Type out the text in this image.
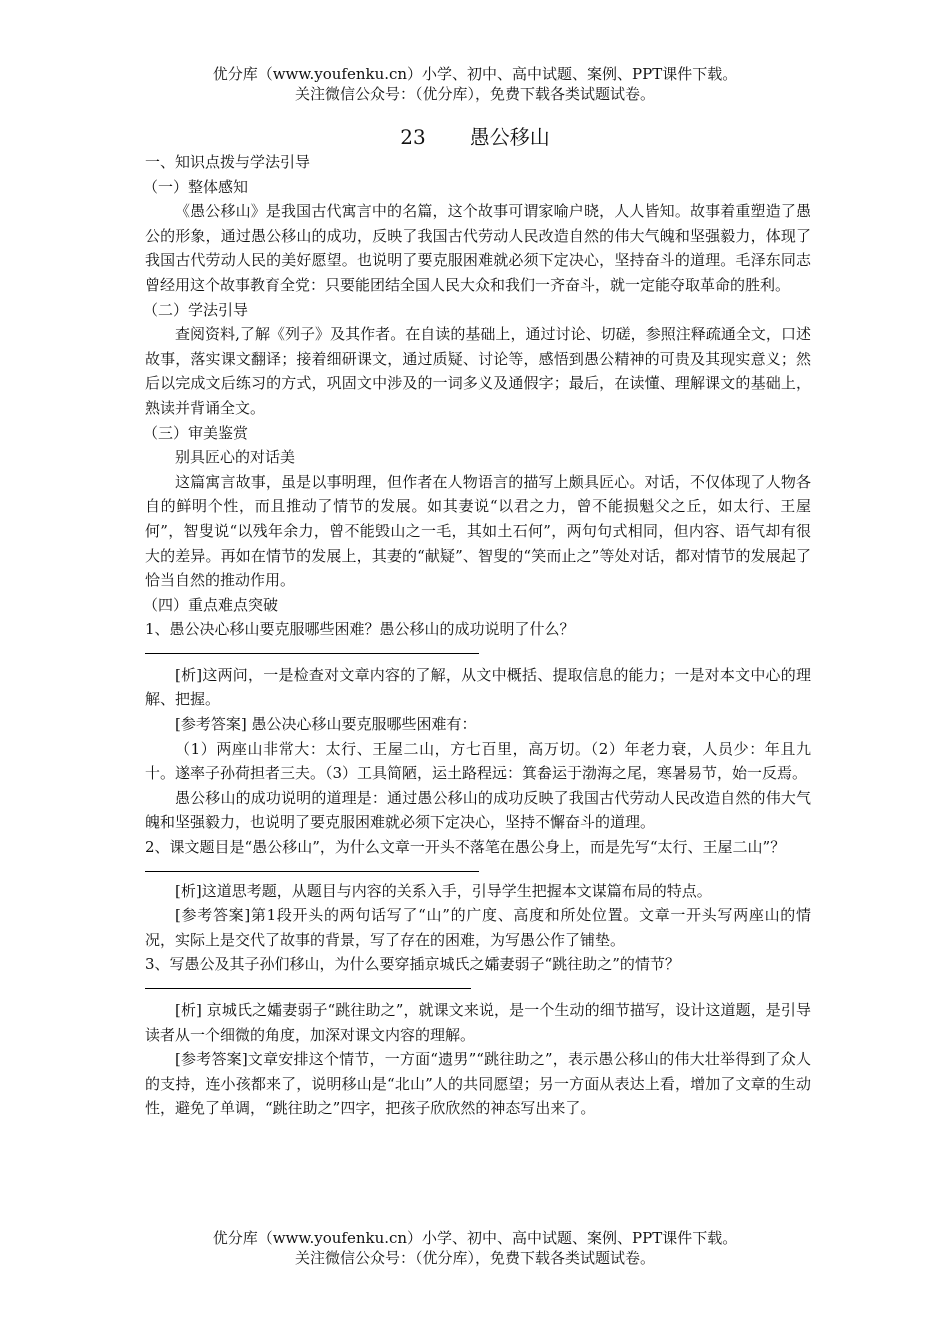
优分库（www.youfenku.cn）小学、初中、高中试题、案例、PPT课件下载。
关注微信公众号：（优分库），免费下载各类试题试卷。
23 愚公移山

一、知识点拨与学法引导

（一）整体感知

《愚公移山》是我国古代寓言中的名篇，这个故事可谓家喻户晓，人人皆知。故事着重塑造了愚公的形象，通过愚公移山的成功，反映了我国古代劳动人民改造自然的伟大气魄和坚强毅力，体现了我国古代劳动人民的美好愿望。也说明了要克服困难就必须下定决心，坚持奋斗的道理。毛泽东同志曾经用这个故事教育全党：只要能团结全国人民大众和我们一齐奋斗，就一定能夺取革命的胜利。

（二）学法引导

查阅资料,了解《列子》及其作者。在自读的基础上，通过讨论、切磋，参照注释疏通全文，口述故事，落实课文翻译；接着细研课文，通过质疑、讨论等，感悟到愚公精神的可贵及其现实意义；然后以完成文后练习的方式，巩固文中涉及的一词多义及通假字；最后，在读懂、理解课文的基础上，熟读并背诵全文。

（三）审美鉴赏

别具匠心的对话美

这篇寓言故事，虽是以事明理，但作者在人物语言的描写上颇具匠心。对话，不仅体现了人物各自的鲜明个性，而且推动了情节的发展。如其妻说“以君之力，曾不能损魁父之丘，如太行、王屋何”，智叟说“以残年余力，曾不能毁山之一毛，其如土石何”，两句句式相同，但内容、语气却有很大的差异。再如在情节的发展上，其妻的“献疑”、智叟的“笑而止之”等处对话，都对情节的发展起了恰当自然的推动作用。

（四）重点难点突破

1、愚公决心移山要克服哪些困难？愚公移山的成功说明了什么？

[析]这两问，一是检查对文章内容的了解，从文中概括、提取信息的能力；一是对本文中心的理解、把握。

[参考答案] 愚公决心移山要克服哪些困难有：

（1）两座山非常大：太行、王屋二山，方七百里，高万切。（2）年老力衰，人员少：年且九十。遂率子孙荷担者三夫。（3）工具简陋，运土路程远：箕畚运于渤海之尾，寒暑易节，始一反焉。

愚公移山的成功说明的道理是：通过愚公移山的成功反映了我国古代劳动人民改造自然的伟大气魄和坚强毅力，也说明了要克服困难就必须下定决心，坚持不懈奋斗的道理。

2、课文题目是“愚公移山”，为什么文章一开头不落笔在愚公身上，而是先写“太行、王屋二山”？

[析]这道思考题，从题目与内容的关系入手，引导学生把握本文谋篇布局的特点。

[参考答案]第1段开头的两句话写了“山”的广度、高度和所处位置。文章一开头写两座山的情况，实际上是交代了故事的背景，写了存在的困难，为写愚公作了铺垫。

3、写愚公及其子孙们移山，为什么要穿插京城氏之孀妻弱子“跳往助之”的情节？

[析] 京城氏之孀妻弱子“跳往助之”，就课文来说，是一个生动的细节描写，设计这道题，是引导读者从一个细微的角度，加深对课文内容的理解。

[参考答案]文章安排这个情节，一方面“遗男”“跳往助之”，表示愚公移山的伟大壮举得到了众人的支持，连小孩都来了，说明移山是“北山”人的共同愿望；另一方面从表达上看，增加了文章的生动性，避免了单调，“跳往助之”四字，把孩子欣欣然的神态写出来了。

优分库（www.youfenku.cn）小学、初中、高中试题、案例、PPT课件下载。
关注微信公众号：（优分库），免费下载各类试题试卷。
